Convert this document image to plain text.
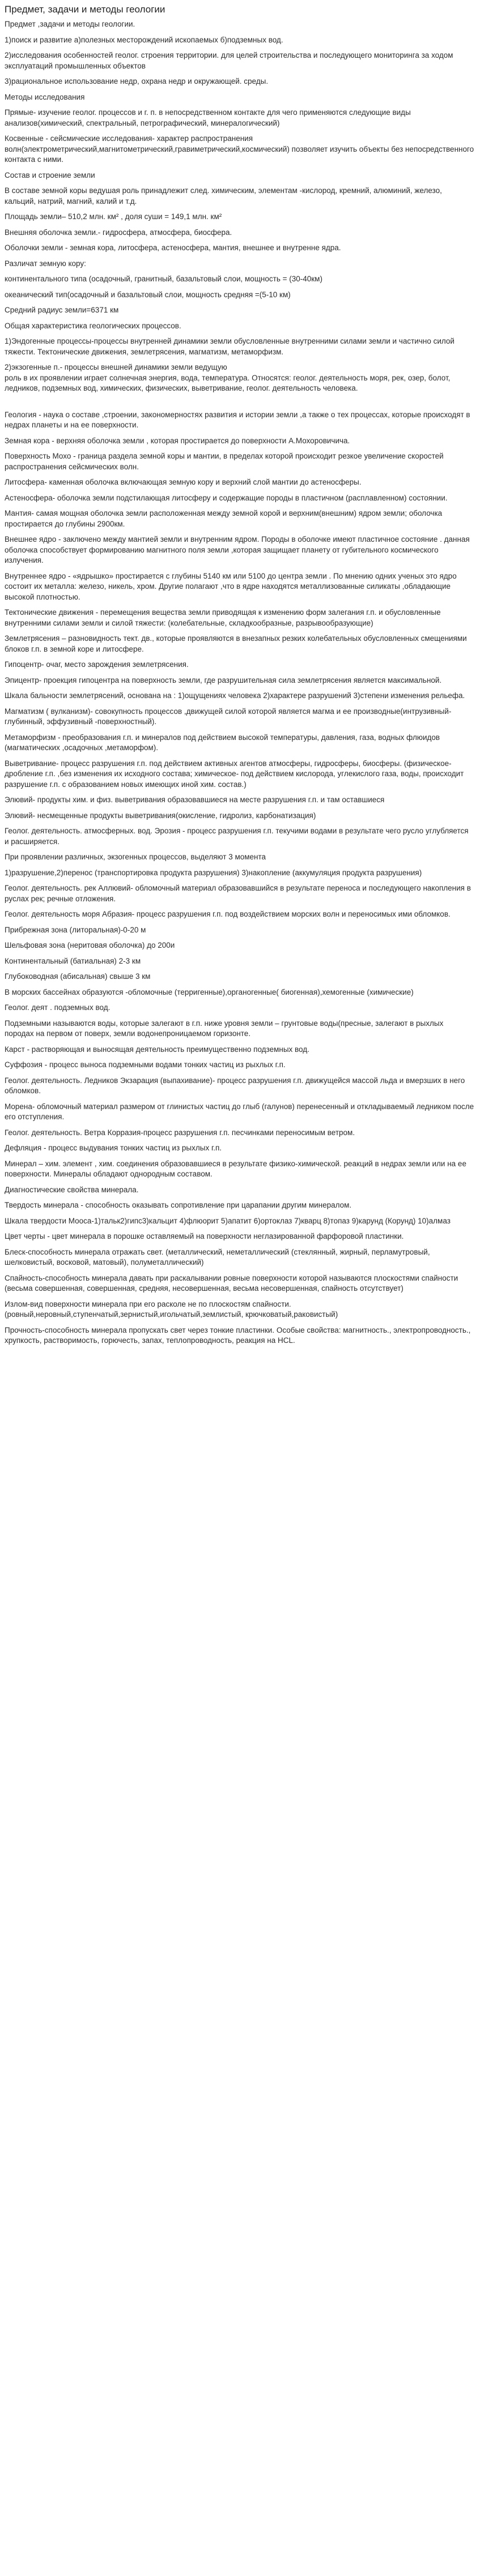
Предмет, задачи и методы геологии

Предмет ,задачи и методы геологии.

1)поиск и развитие а)полезных месторождений ископаемых б)подземных вод.

2)исследования особенностей геолог. строения территории. для целей строительства и последующего мониторинга за ходом эксплуатаций промышленных объектов

3)рациональное использование недр, охрана недр и окружающей. среды.

Методы исследования

Прямые- изучение геолог. процессов и г. п. в непосредственном контакте для чего применяются следующие виды анализов(химический, спектральный, петрографический, минералогический)

Косвенные - сейсмические исследования- характер распространения волн(электрометрический,магнитометрический,гравиметрический,космический) позволяет изучить объекты без непосредственного контакта с ними.

Состав и строение земли

В составе земной коры ведушая роль принадлежит след. химическим, элементам -кислород, кремний, алюминий, железо, кальций, натрий, магний, калий и т.д.

Площадь земли– 510,2 млн. км² , доля суши = 149,1 млн. км²

Внешняя оболочка земли.- гидросфера, атмосфера, биосфера.

Оболочки земли - земная кора, литосфера, астеносфера, мантия, внешнее и внутренне ядра.

Различат земную кору:

континентального типа (осадочный, гранитный, базальтовый слои, мощность = (30-40км)

океанический тип(осадочный и базальтовый слои, мощность средняя =(5-10 км)

Средний радиус земли=6371 км

Общая характеристика геологических процессов.

1)Эндогенные процессы-процессы внутренней динамики земли обусловленные внутренними силами земли и частично силой тяжести. Тектонические движения, землетрясения, магматизм, метаморфизм.

2)экзогенные п.- процессы внешней динамики земли ведущую
роль в их проявлении играет солнечная энергия, вода, температура. Относятся: геолог. деятельность моря, рек, озер, болот, ледников, подземных вод, химических, физических, выветривание, геолог. деятельность человека.

Геология - наука о составе ,строении, закономерностях развития и истории земли ,а также о тех процессах, которые происходят в недрах планеты и на ее поверхности.

Земная кора - верхняя оболочка земли , которая простирается до поверхности А.Мохоровичича.

Поверхность Мохо - граница раздела земной коры и мантии, в пределах которой происходит резкое увеличение скоростей распространения сейсмических волн.

Литосфера- каменная оболочка включающая земную кору и верхний слой мантии до астеносферы.

Астеносфера- оболочка земли подстилающая литосферу и содержащие породы в пластичном (расплавленном) состоянии.

Мантия- самая мощная оболочка земли расположенная между земной корой и верхним(внешним) ядром земли; оболочка простирается до глубины 2900км.

Внешнее ядро - заключено между мантией земли и внутренним ядром. Породы в оболочке имеют пластичное состояние . данная оболочка способствует формированию магнитного поля земли ,которая защищает планету от губительного космического излучения.

Внутреннее ядро - «ядрышко» простирается с глубины 5140 км или 5100 до центра земли . По мнению одних ученых это ядро состоит их металла: железо, никель, хром. Другие полагают ,что в ядре находятся металлизованные силикаты ,обладающие высокой плотностью.

Тектонические движения - перемещения вещества земли приводящая к изменению форм залегания г.п. и обусловленные внутренними силами земли и силой тяжести: (колебательные, складкообразные, разрывообразующие)

Землетрясения – разновидность тект. дв., которые проявляются в внезапных резких колебательных обусловленных смещениями блоков г.п. в земной коре и литосфере.

Гипоцентр- очаг, место зарождения землетрясения.

Эпицентр- проекция гипоцентра на поверхность земли, где разрушительная сила землетрясения является максимальной.

Шкала бальности землетрясений, основана на : 1)ощущениях человека 2)характере разрушений 3)степени изменения рельефа.

Магматизм ( вулканизм)- совокупность процессов ,движущей силой которой является магма и ее производные(интрузивный- глубинный, эффузивный -поверхностный).

Метаморфизм - преобразования г.п. и минералов под действием высокой температуры, давления, газа, водных флюидов (магматических ,осадочных ,метаморфом).

Выветривание- процесс разрушения г.п. под действием активных агентов атмосферы, гидросферы, биосферы. (физическое- дробление г.п. ,без изменения их исходного состава; химическое- под действием кислорода, углекислого газа, воды, происходит разрушение г.п. с образованием новых имеющих иной хим. состав.)

Элювий- продукты хим. и физ. выветривания образовавшиеся на месте разрушения г.п. и там оставшиеся

Элювий- несмещенные продукты выветривания(окисление, гидролиз, карбонатизация)

Геолог. деятельность. атмосферных. вод. Эрозия - процесс разрушения г.п. текучими водами в результате чего русло углубляется и расширяется.

При проявлении различных, экзогенных процессов, выделяют 3 момента

1)разрушение,2)перенос (транспортировка продукта разрушения) 3)накопление (аккумуляция продукта разрушения)

Геолог. деятельность. рек Аллювий- обломочный материал образовавшийся в результате переноса и последующего накопления в руслах рек; речные отложения.

Геолог. деятельность моря Абразия- процесс разрушения г.п. под воздействием морских волн и переносимых ими обломков.

Прибрежная зона (литоральная)-0-20 м

Шельфовая зона (неритовая оболочка) до 200и

Континентальный (батиальная) 2-3 км

Глубоководная (абисальная) свыше 3 км

В морских бассейнах образуются -обломочные (терригенные),органогенные( биогенная),хемогенные (химические)

Геолог. деят . подземных вод.

Подземными называются воды, которые залегают в г.п. ниже уровня земли – грунтовые воды(пресные, залегают в рыхлых породах на первом от поверх, земли водонепроницаемом горизонте.

Карст - растворяющая и выносящая деятельность преимущественно подземных вод.

Суффозия - процесс выноса подземными водами тонких частиц из рыхлых г.п.

Геолог. деятельность. Ледников Экзарация (выпахивание)- процесс разрушения г.п. движущейся массой льда и вмерзших в него обломков.

Морена- обломочный материал размером от глинистых частиц до глыб (галунов) перенесенный и откладываемый ледником после его отступления.

Геолог. деятельность. Ветра Корразия-процесс разрушения г.п. песчинками переносимым ветром.

Дефляция - процесс выдувания тонких частиц из рыхлых г.п.

Минерал – хим. элемент , хим. соединения образовавшиеся в результате физико-химической. реакций в недрах земли или на ее поверхности. Минералы обладают однородным составом.

Диагностические свойства минерала.

Твердость минерала - способность оказывать сопротивление при царапании другим минералом.

Шкала твердости Мооса-1)тальк2)гипс3)кальцит 4)флюорит 5)апатит 6)ортоклаз 7)кварц 8)топаз 9)карунд (Корунд) 10)алмаз

Цвет черты - цвет минерала в порошке оставляемый на поверхности неглазированной фарфоровой пластинки.

Блеск-способность минерала отражать свет. (металлический, неметаллический (стеклянный, жирный, перламутровый, шелковистый, восковой, матовый), полуметаллический)

Спайность-способность минерала давать при раскалывании ровные поверхности которой называются плоскостями спайности (весьма совершенная, совершенная, средняя, несовершенная, весьма несовершенная, спайность отсутствует)

Излом-вид поверхности минерала при его расколе не по плоскостям спайности. (ровный,неровный,ступенчатый,зернистый,игольчатый,землистый, крючковатый,раковистый)

Прочность-способность минерала пропускать свет через тонкие пластинки. Особые свойства: магнитность., электропроводность., хрупкость, растворимость, горючесть, запах, теплопроводность, реакция на HCL.
